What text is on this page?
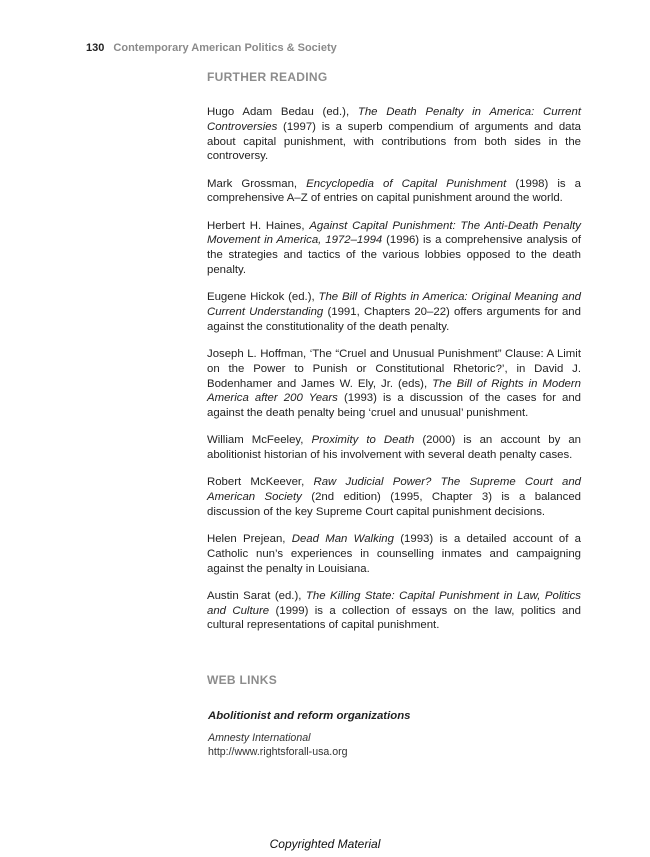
130 Contemporary American Politics & Society
FURTHER READING

Hugo Adam Bedau (ed.), The Death Penalty in America: Current Controversies (1997) is a superb compendium of arguments and data about capital punishment, with contributions from both sides in the controversy.

Mark Grossman, Encyclopedia of Capital Punishment (1998) is a comprehensive A–Z of entries on capital punishment around the world.

Herbert H. Haines, Against Capital Punishment: The Anti-Death Penalty Movement in America, 1972–1994 (1996) is a comprehensive analysis of the strategies and tactics of the various lobbies opposed to the death penalty.

Eugene Hickok (ed.), The Bill of Rights in America: Original Meaning and Current Understanding (1991, Chapters 20–22) offers arguments for and against the constitutionality of the death penalty.

Joseph L. Hoffman, ‘The “Cruel and Unusual Punishment” Clause: A Limit on the Power to Punish or Constitutional Rhetoric?’, in David J. Bodenhamer and James W. Ely, Jr. (eds), The Bill of Rights in Modern America after 200 Years (1993) is a discussion of the cases for and against the death penalty being ‘cruel and unusual’ punishment.

William McFeeley, Proximity to Death (2000) is an account by an abolitionist historian of his involvement with several death penalty cases.

Robert McKeever, Raw Judicial Power? The Supreme Court and American Society (2nd edition) (1995, Chapter 3) is a balanced discussion of the key Supreme Court capital punishment decisions.

Helen Prejean, Dead Man Walking (1993) is a detailed account of a Catholic nun’s experiences in counselling inmates and campaigning against the penalty in Louisiana.

Austin Sarat (ed.), The Killing State: Capital Punishment in Law, Politics and Culture (1999) is a collection of essays on the law, politics and cultural representations of capital punishment.

WEB LINKS
Abolitionist and reform organizations
Amnesty International
http://www.rightsforall-usa.org
Copyrighted Material
